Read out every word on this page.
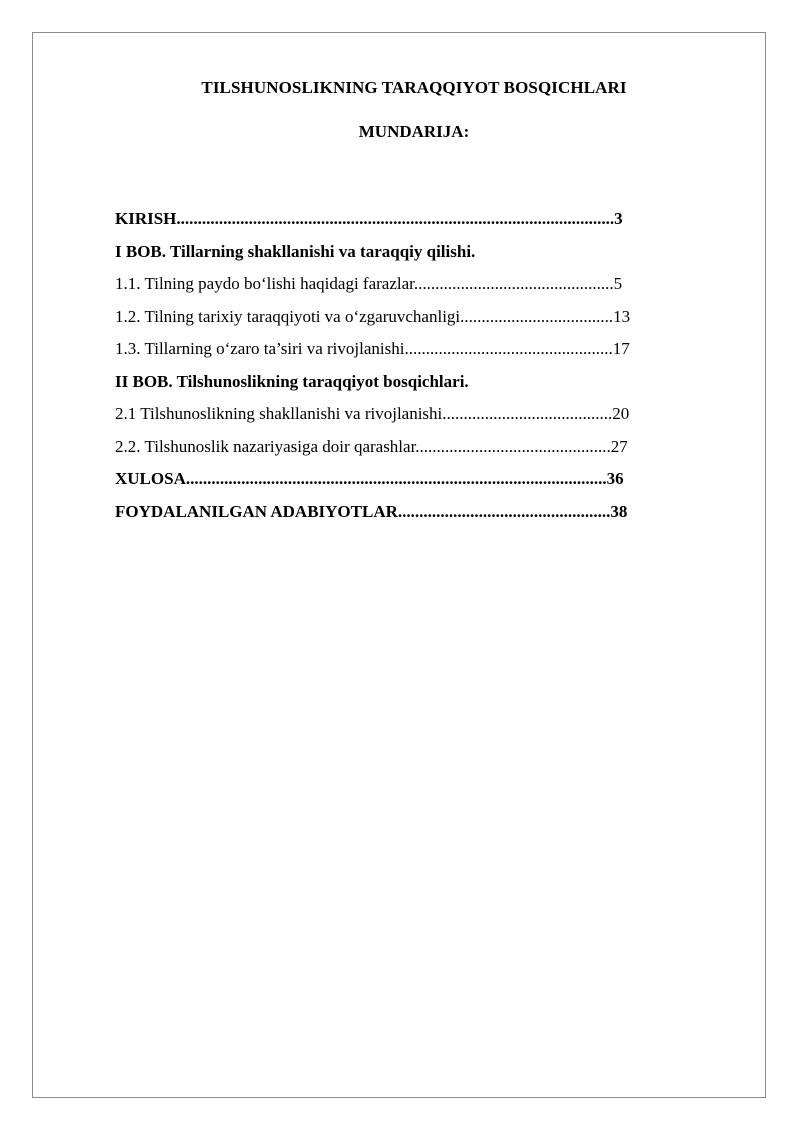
TILSHUNOSLIKNING TARAQQIYOT BOSQICHLARI
MUNDARIJA:
KIRISH.......................................................................................................3
I BOB. Tillarning shakllanishi va taraqqiy qilishi.
1.1. Tilning paydo bo‘lishi haqidagi farazlar...............................................5
1.2. Tilning tarixiy taraqqiyoti va o‘zgaruvchanligi....................................13
1.3. Tillarning o‘zaro ta’siri va rivojlanishi.................................................17
II BOB. Tilshunoslikning taraqqiyot bosqichlari.
2.1 Tilshunoslikning shakllanishi va rivojlanishi........................................20
2.2. Tilshunoslik nazariyasiga doir qarashlar..............................................27
XULOSA...................................................................................................36
FOYDALANILGAN ADABIYOTLAR..................................................38
